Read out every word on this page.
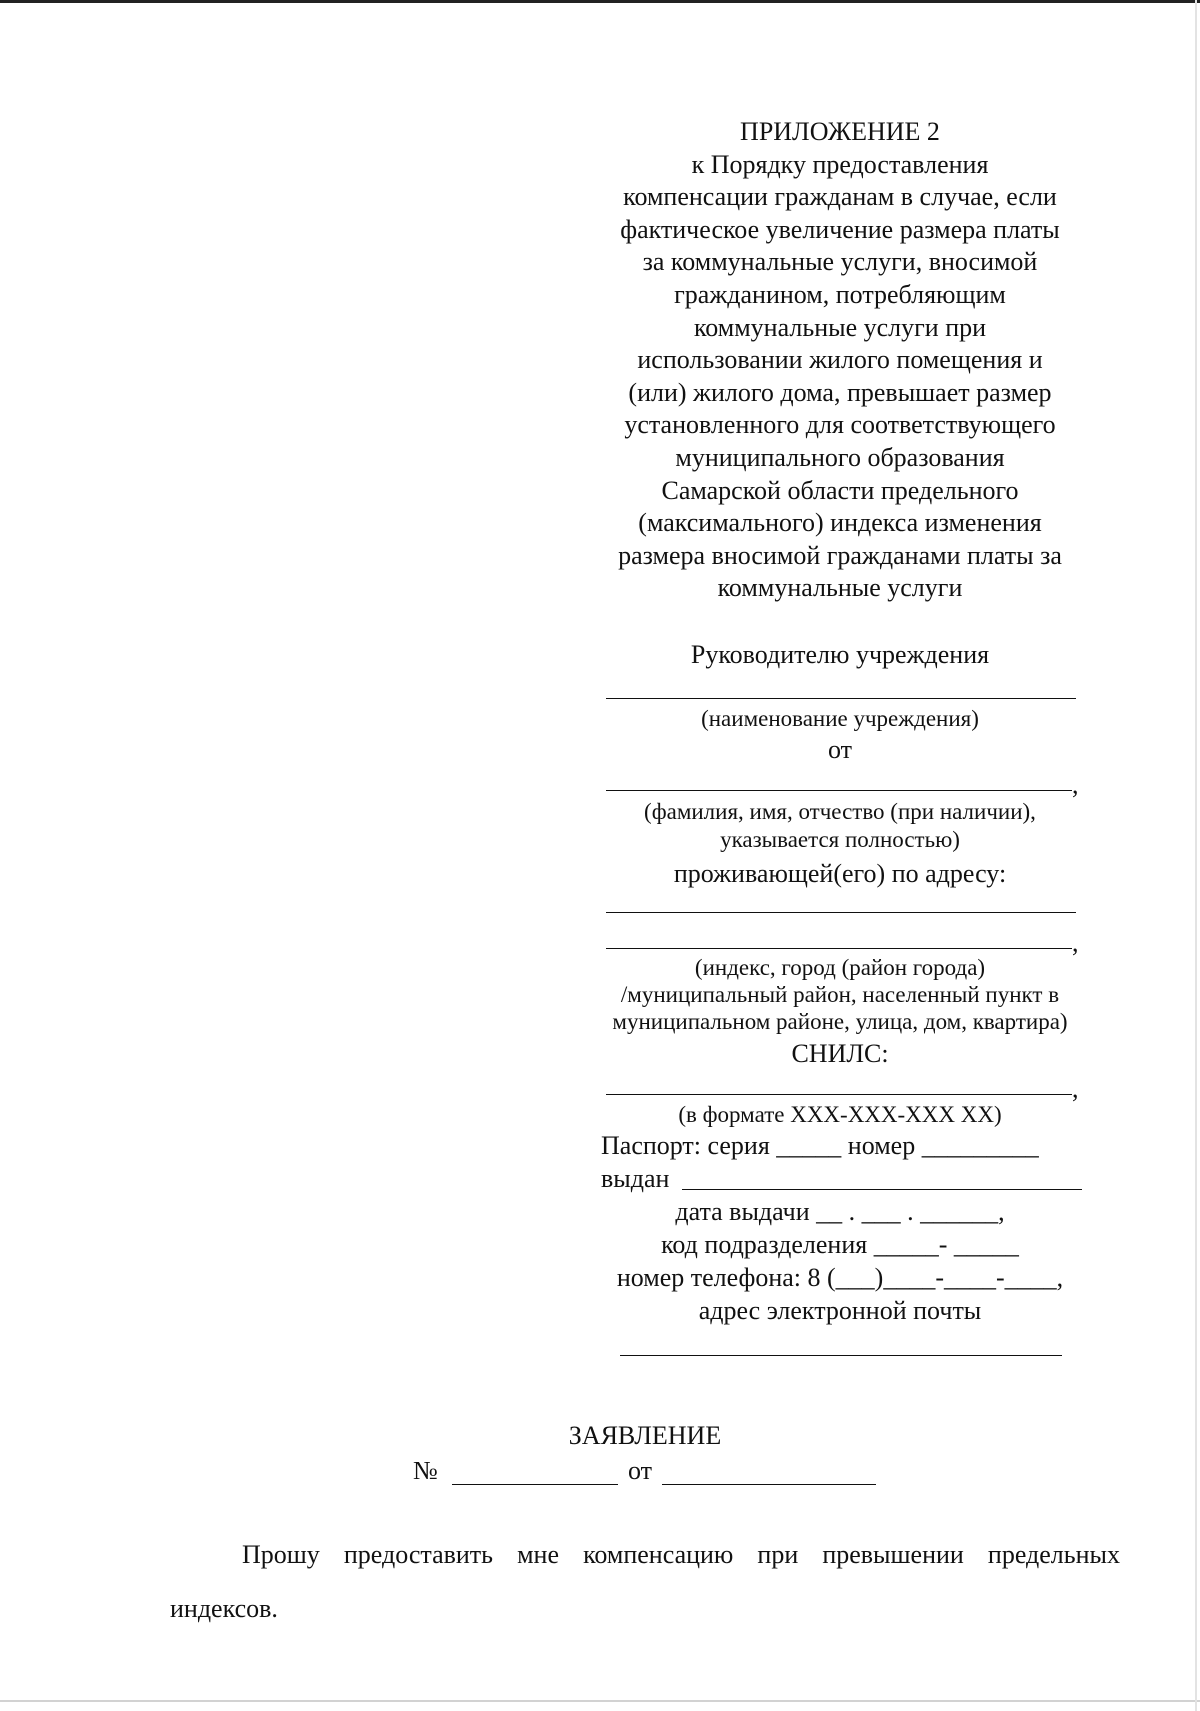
ПРИЛОЖЕНИЕ 2
к Порядку предоставления
компенсации гражданам в случае, если
фактическое увеличение размера платы
за коммунальные услуги, вносимой
гражданином, потребляющим
коммунальные услуги при
использовании жилого помещения и
(или) жилого дома, превышает размер
установленного для соответствующего
муниципального образования
Самарской области предельного
(максимального) индекса изменения
размера вносимой гражданами платы за
коммунальные услуги
Руководителю учреждения
(наименование учреждения)
от
,
(фамилия, имя, отчество (при наличии),
указывается полностью)
проживающей(его) по адресу:
,
(индекс, город (район города)
/муниципальный район, населенный пункт в
муниципальном районе, улица, дом, квартира)
СНИЛС:
,
(в формате XXX-XXX-XXX XX)
Паспорт: серия _____ номер _________
выдан
дата выдачи __ . ___ . ______,
код подразделения _____- _____
номер телефона: 8 (___)____-____-____,
адрес электронной почты
ЗАЯВЛЕНИЕ
№	от
Прошу предоставить мне компенсацию при превышении предельных
индексов.
